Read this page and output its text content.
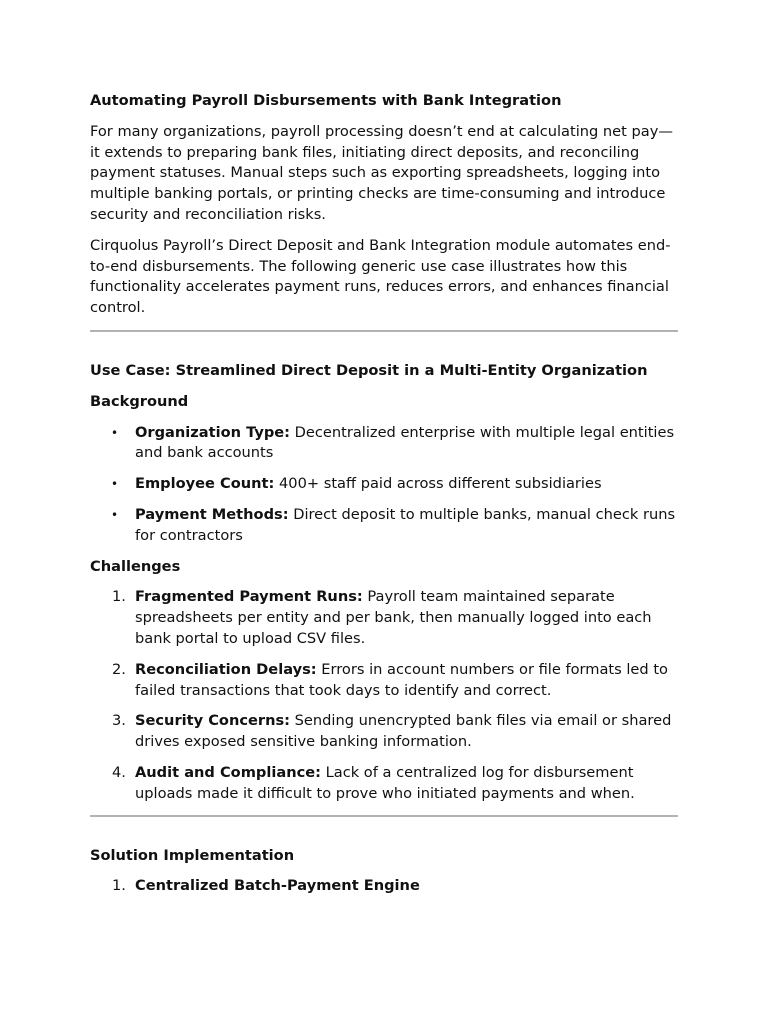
Automating Payroll Disbursements with Bank Integration

For many organizations, payroll processing doesn’t end at calculating net pay—it extends to preparing bank files, initiating direct deposits, and reconciling payment statuses. Manual steps such as exporting spreadsheets, logging into multiple banking portals, or printing checks are time-consuming and introduce security and reconciliation risks.

Cirquolus Payroll’s Direct Deposit and Bank Integration module automates end-to-end disbursements. The following generic use case illustrates how this functionality accelerates payment runs, reduces errors, and enhances financial control.

Use Case: Streamlined Direct Deposit in a Multi-Entity Organization
Background
• Organization Type: Decentralized enterprise with multiple legal entities and bank accounts
• Employee Count: 400+ staff paid across different subsidiaries
• Payment Methods: Direct deposit to multiple banks, manual check runs for contractors
Challenges
1. Fragmented Payment Runs: Payroll team maintained separate spreadsheets per entity and per bank, then manually logged into each bank portal to upload CSV files.
2. Reconciliation Delays: Errors in account numbers or file formats led to failed transactions that took days to identify and correct.
3. Security Concerns: Sending unencrypted bank files via email or shared drives exposed sensitive banking information.
4. Audit and Compliance: Lack of a centralized log for disbursement uploads made it difficult to prove who initiated payments and when.
Solution Implementation
1. Centralized Batch-Payment Engine
